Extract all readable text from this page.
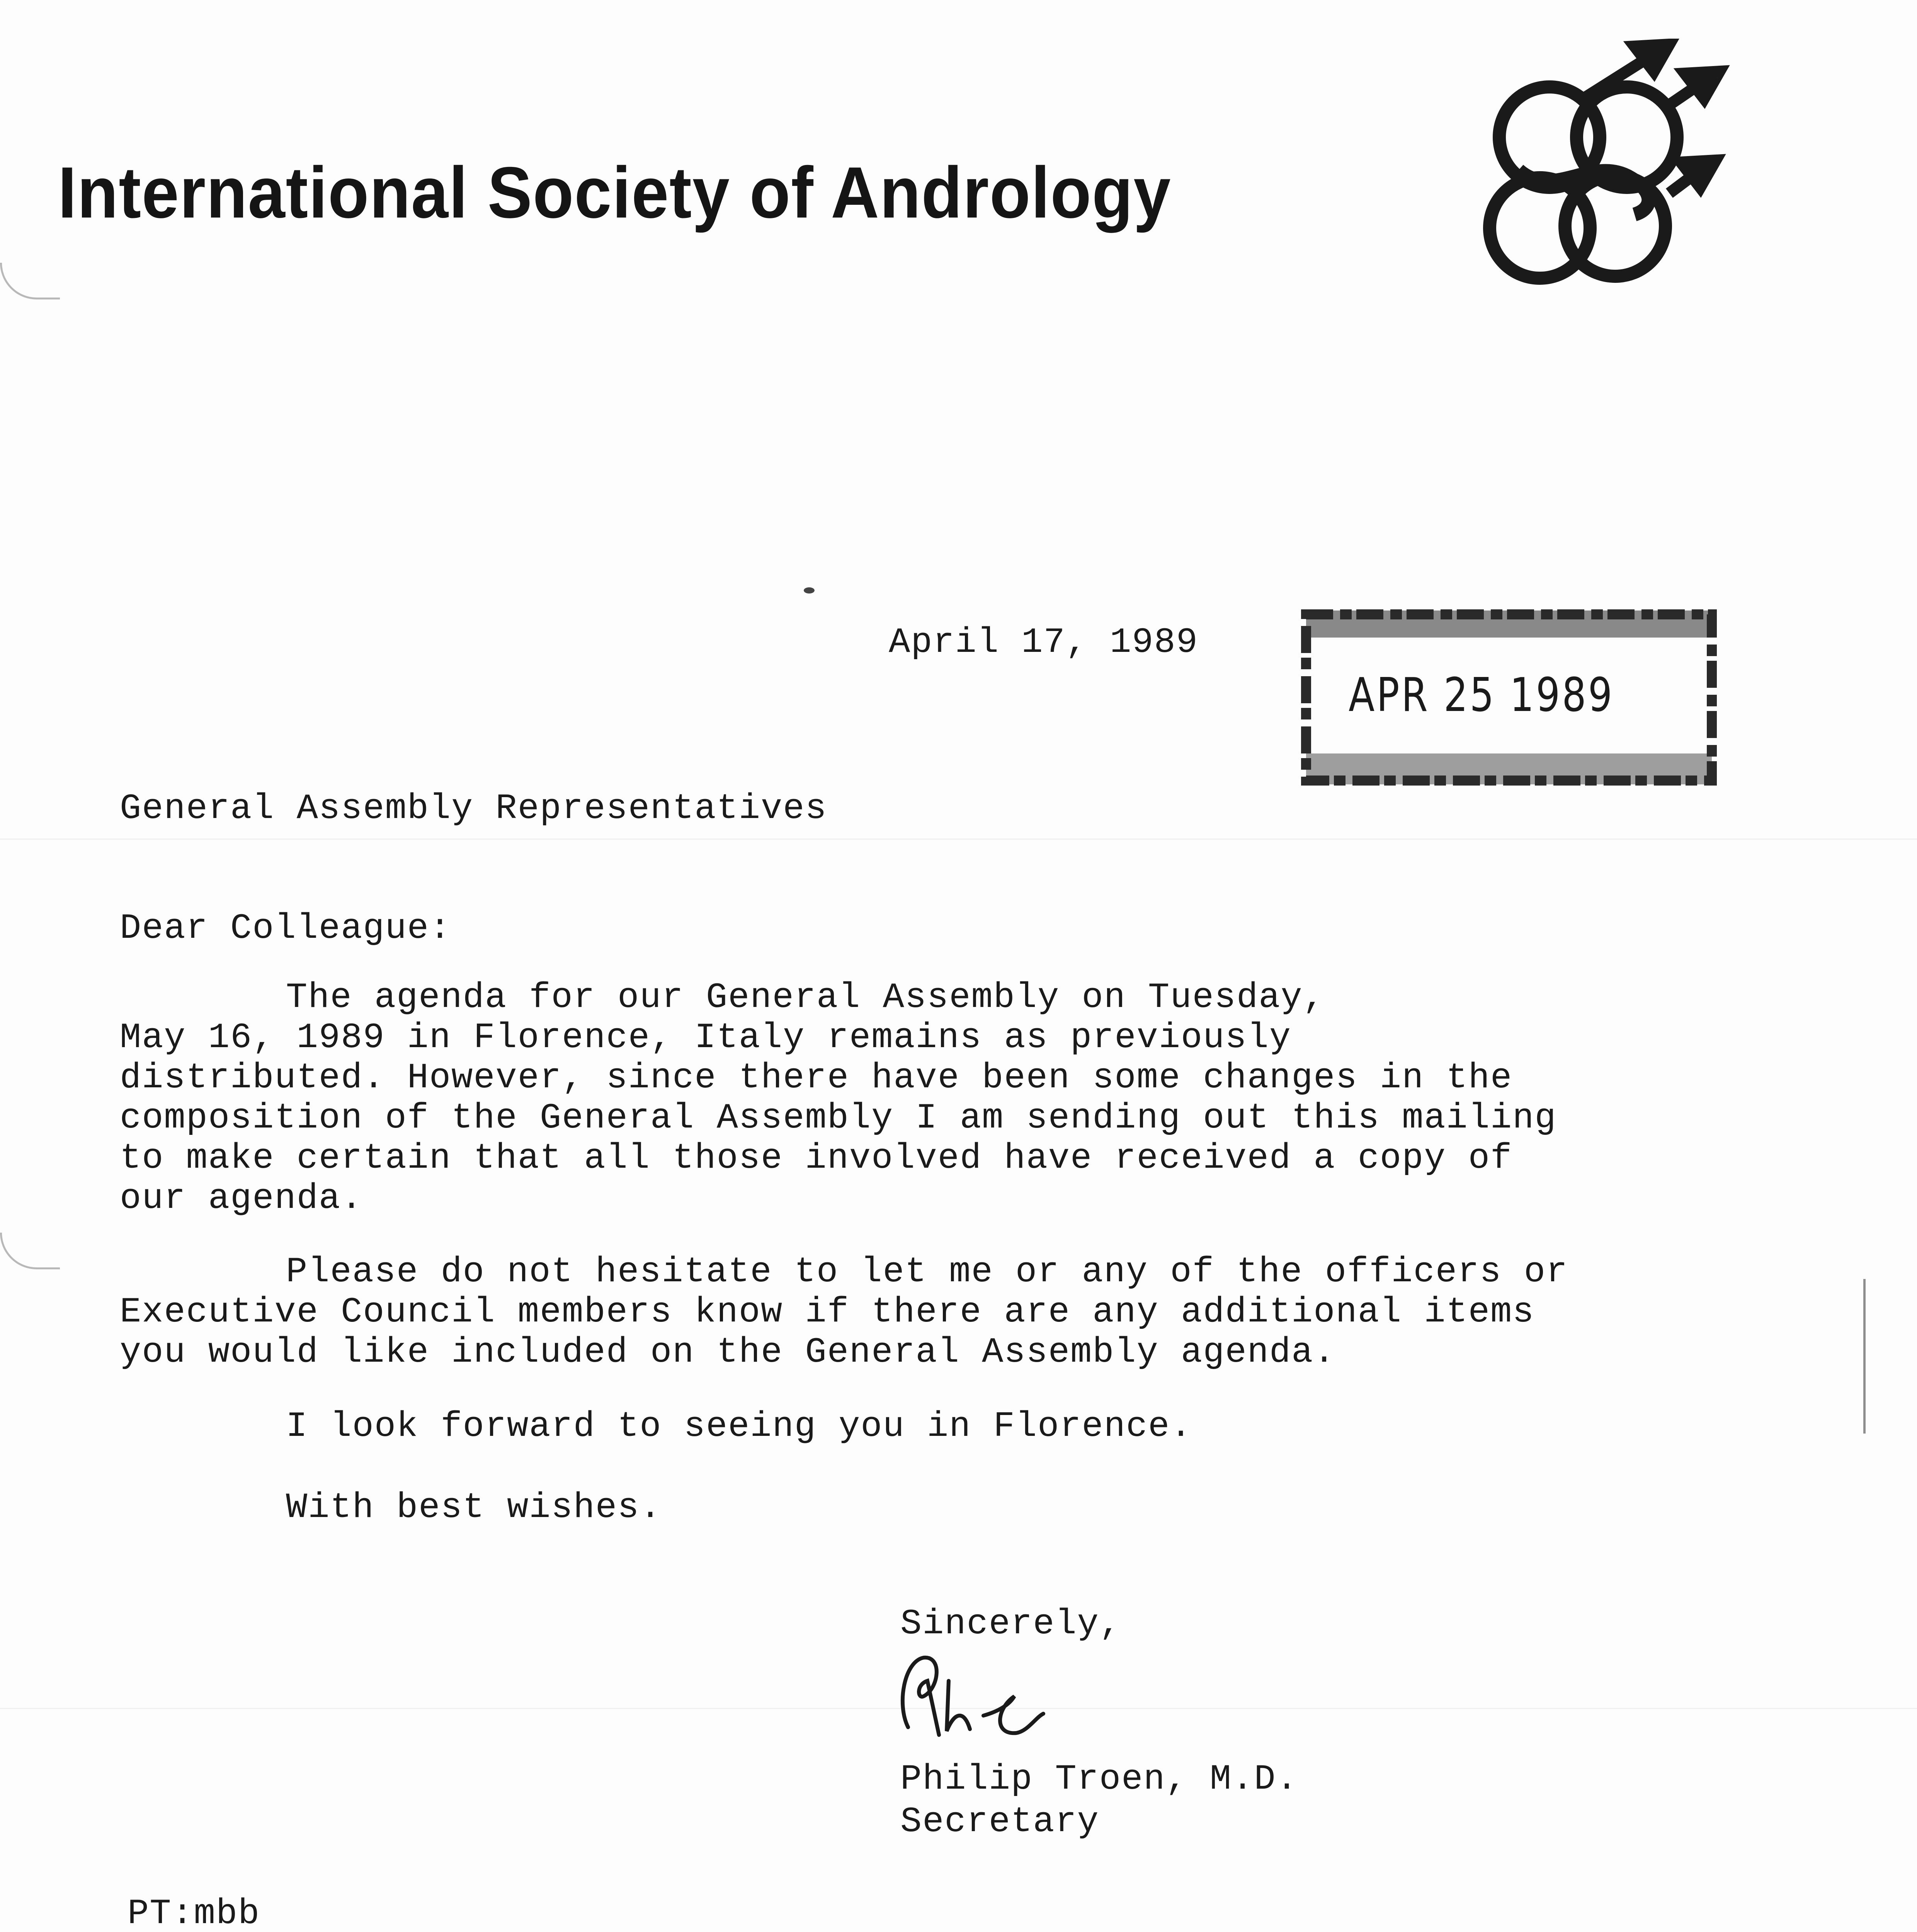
International Society of Andrology
April 17, 1989
APR 25 1989
General Assembly Representatives
Dear Colleague:
The agenda for our General Assembly on Tuesday,
May 16, 1989 in Florence, Italy remains as previously
distributed. However, since there have been some changes in the
composition of the General Assembly I am sending out this mailing
to make certain that all those involved have received a copy of
our agenda.
Please do not hesitate to let me or any of the officers or
Executive Council members know if there are any additional items
you would like included on the General Assembly agenda.
I look forward to seeing you in Florence.
With best wishes.
Sincerely,
Philip Troen, M.D.
Secretary
PT:mbb
